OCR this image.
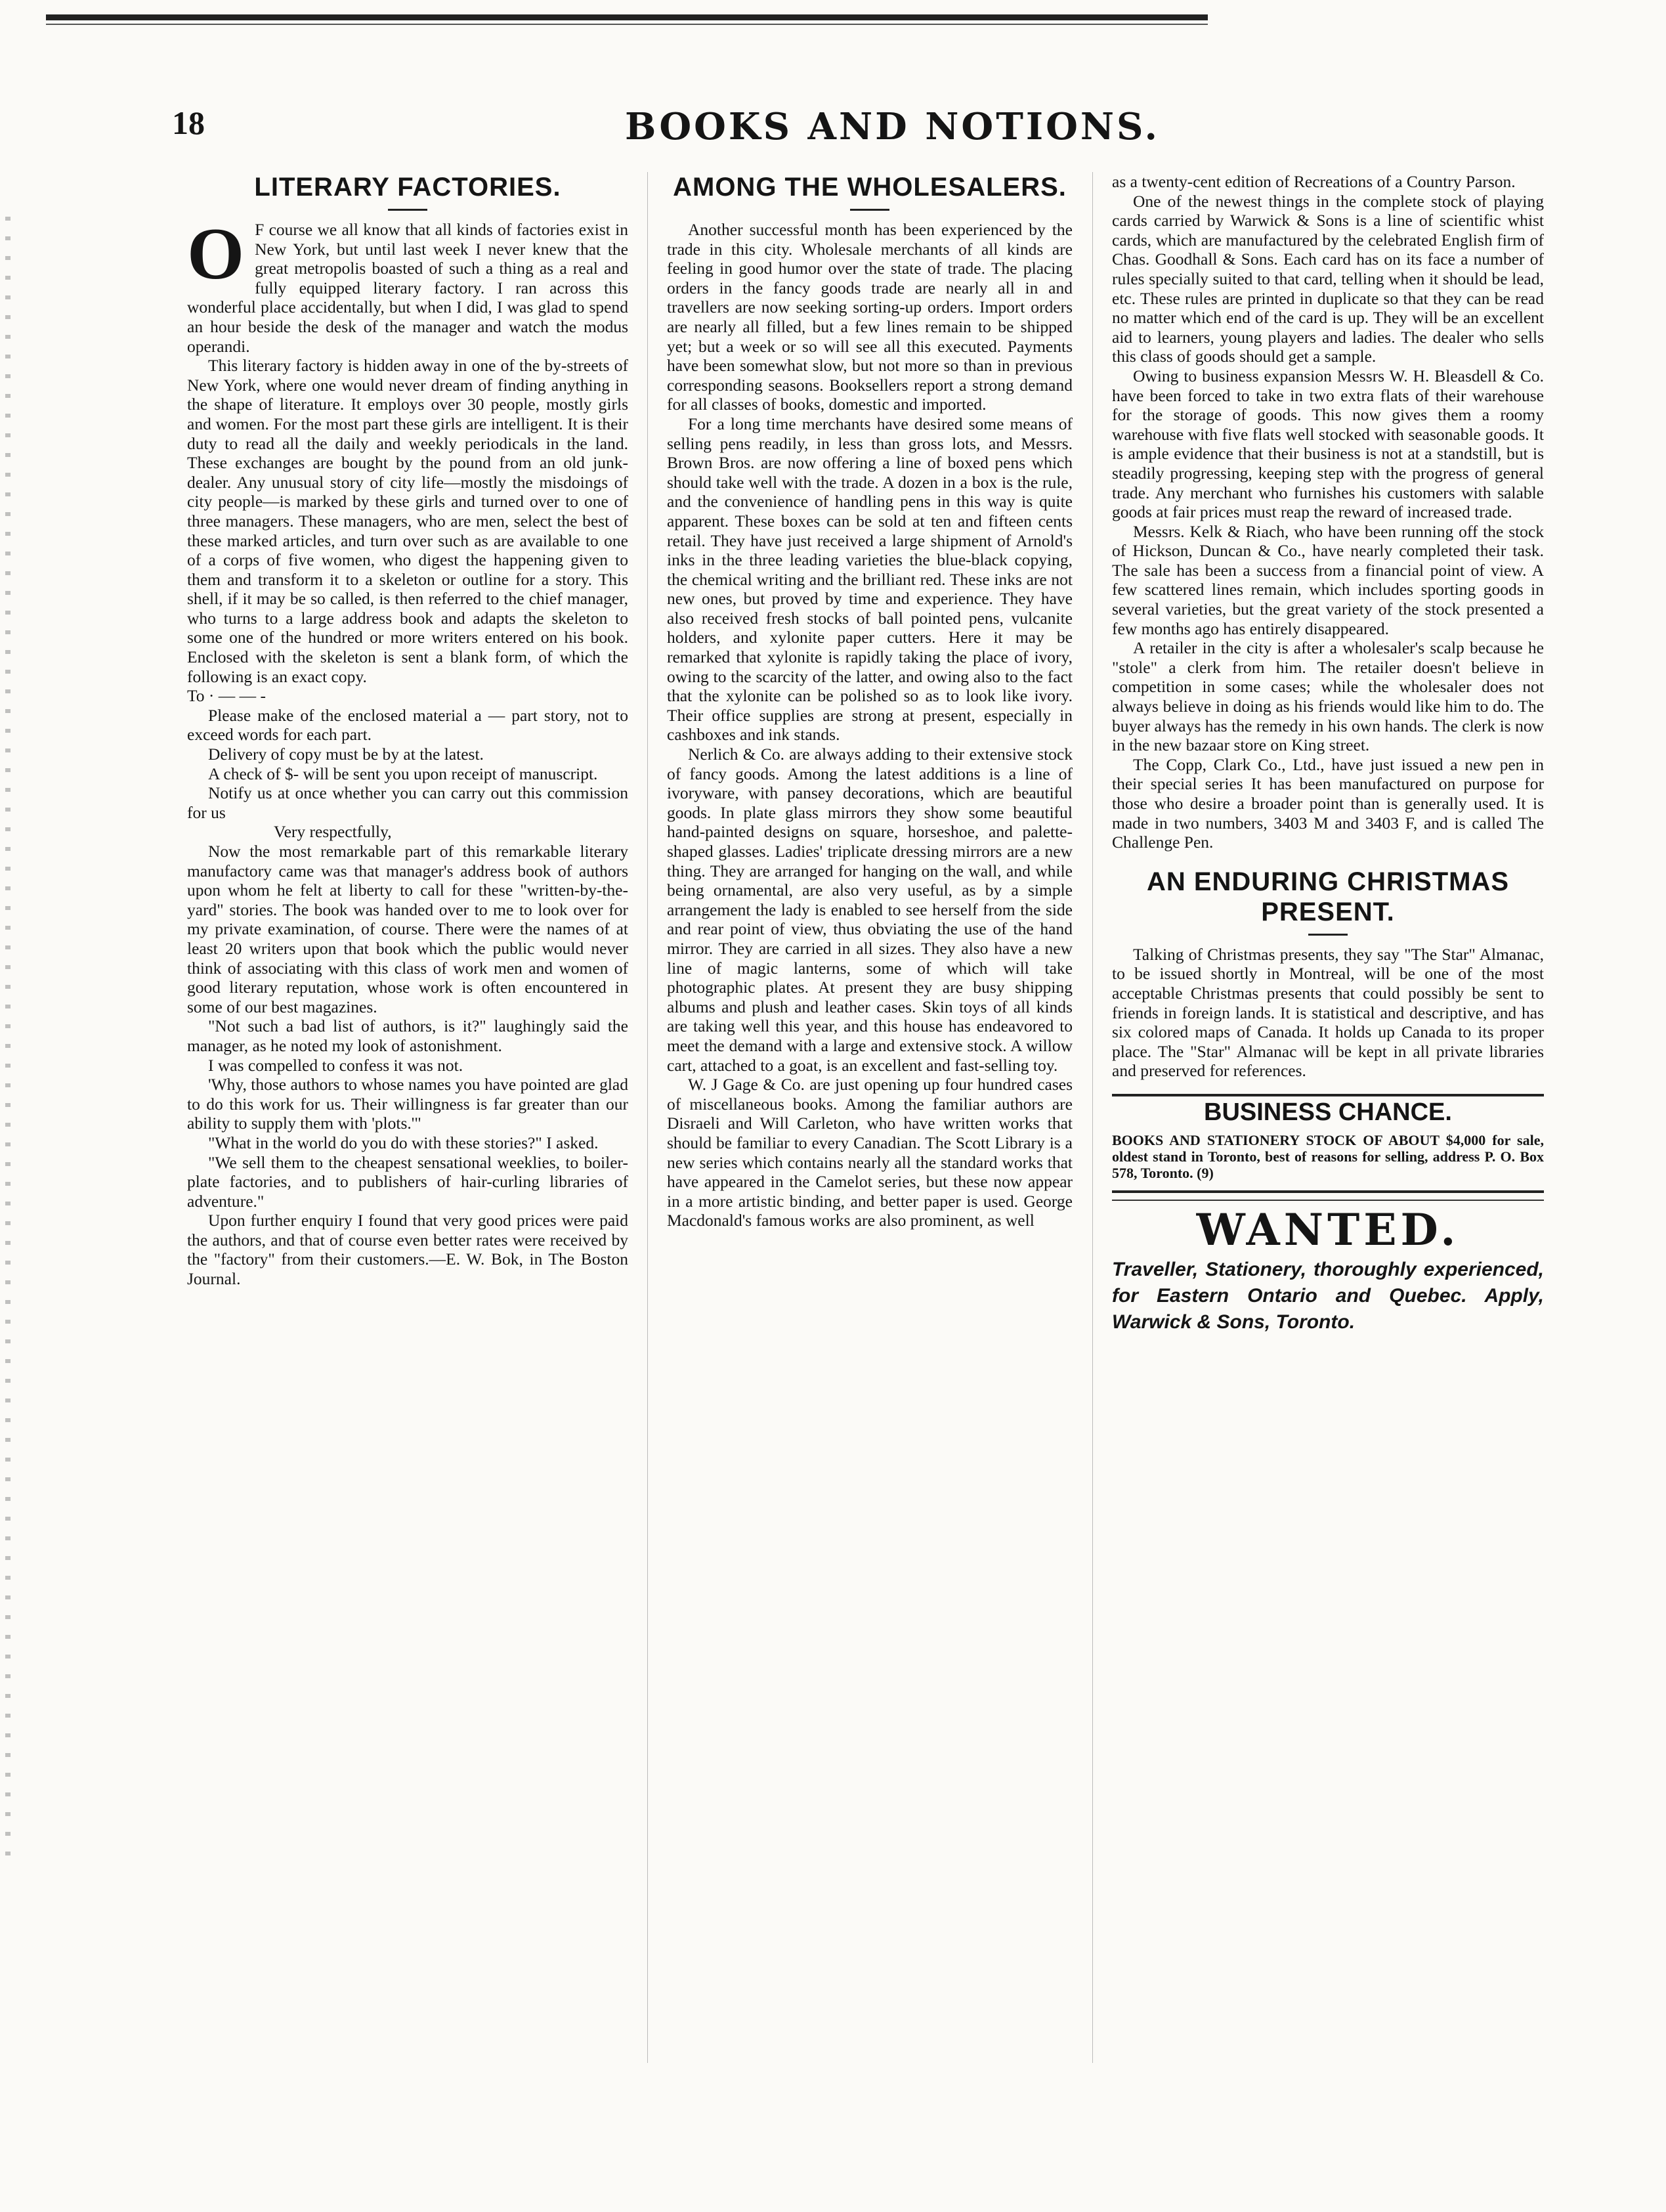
18	BOOKS AND NOTIONS.
LITERARY FACTORIES.

O F course we all know that all kinds of factories exist in New York, but until last week I never knew that the great metropolis boasted of such a thing as a real and fully equipped literary factory. I ran across this wonderful place accidentally, but when I did, I was glad to spend an hour beside the desk of the manager and watch the modus operandi.

This literary factory is hidden away in one of the by-streets of New York, where one would never dream of finding anything in the shape of literature. It employs over 30 people, mostly girls and women. For the most part these girls are intelligent. It is their duty to read all the daily and weekly periodicals in the land. These exchanges are bought by the pound from an old junk-dealer. Any unusual story of city life—mostly the misdoings of city people—is marked by these girls and turned over to one of three managers. These managers, who are men, select the best of these marked articles, and turn over such as are available to one of a corps of five women, who digest the happening given to them and transform it to a skeleton or outline for a story. This shell, if it may be so called, is then referred to the chief manager, who turns to a large address book and adapts the skeleton to some one of the hundred or more writers entered on his book. Enclosed with the skeleton is sent a blank form, of which the following is an exact copy.

To · — — -

Please make of the enclosed material a — part story, not to exceed words for each part.

Delivery of copy must be by at the latest.

A check of $- will be sent you upon receipt of manuscript.

Notify us at once whether you can carry out this commission for us

Very respectfully,

Now the most remarkable part of this remarkable literary manufactory came was that manager's address book of authors upon whom he felt at liberty to call for these "written-by-the-yard" stories. The book was handed over to me to look over for my private examination, of course. There were the names of at least 20 writers upon that book which the public would never think of associating with this class of work men and women of good literary reputation, whose work is often encountered in some of our best magazines.

"Not such a bad list of authors, is it?" laughingly said the manager, as he noted my look of astonishment.

I was compelled to confess it was not.

'Why, those authors to whose names you have pointed are glad to do this work for us. Their willingness is far greater than our ability to supply them with 'plots.'"

"What in the world do you do with these stories?" I asked.

"We sell them to the cheapest sensational weeklies, to boiler-plate factories, and to publishers of hair-curling libraries of adventure."

Upon further enquiry I found that very good prices were paid the authors, and that of course even better rates were received by the "factory" from their customers.—E. W. Bok, in The Boston Journal.

AMONG THE WHOLESALERS.

Another successful month has been experienced by the trade in this city. Wholesale merchants of all kinds are feeling in good humor over the state of trade. The placing orders in the fancy goods trade are nearly all in and travellers are now seeking sorting-up orders. Import orders are nearly all filled, but a few lines remain to be shipped yet; but a week or so will see all this executed. Payments have been somewhat slow, but not more so than in previous corresponding seasons. Booksellers report a strong demand for all classes of books, domestic and imported.

For a long time merchants have desired some means of selling pens readily, in less than gross lots, and Messrs. Brown Bros. are now offering a line of boxed pens which should take well with the trade. A dozen in a box is the rule, and the convenience of handling pens in this way is quite apparent. These boxes can be sold at ten and fifteen cents retail. They have just received a large shipment of Arnold's inks in the three leading varieties the blue-black copying, the chemical writing and the brilliant red. These inks are not new ones, but proved by time and experience. They have also received fresh stocks of ball pointed pens, vulcanite holders, and xylonite paper cutters. Here it may be remarked that xylonite is rapidly taking the place of ivory, owing to the scarcity of the latter, and owing also to the fact that the xylonite can be polished so as to look like ivory. Their office supplies are strong at present, especially in cashboxes and ink stands.

Nerlich & Co. are always adding to their extensive stock of fancy goods. Among the latest additions is a line of ivoryware, with pansey decorations, which are beautiful goods. In plate glass mirrors they show some beautiful hand-painted designs on square, horseshoe, and palette-shaped glasses. Ladies' triplicate dressing mirrors are a new thing. They are arranged for hanging on the wall, and while being ornamental, are also very useful, as by a simple arrangement the lady is enabled to see herself from the side and rear point of view, thus obviating the use of the hand mirror. They are carried in all sizes. They also have a new line of magic lanterns, some of which will take photographic plates. At present they are busy shipping albums and plush and leather cases. Skin toys of all kinds are taking well this year, and this house has endeavored to meet the demand with a large and extensive stock. A willow cart, attached to a goat, is an excellent and fast-selling toy.

W. J Gage & Co. are just opening up four hundred cases of miscellaneous books. Among the familiar authors are Disraeli and Will Carleton, who have written works that should be familiar to every Canadian. The Scott Library is a new series which contains nearly all the standard works that have appeared in the Camelot series, but these now appear in a more artistic binding, and better paper is used. George Macdonald's famous works are also prominent, as well

as a twenty-cent edition of Recreations of a Country Parson.

One of the newest things in the complete stock of playing cards carried by Warwick & Sons is a line of scientific whist cards, which are manufactured by the celebrated English firm of Chas. Goodhall & Sons. Each card has on its face a number of rules specially suited to that card, telling when it should be lead, etc. These rules are printed in duplicate so that they can be read no matter which end of the card is up. They will be an excellent aid to learners, young players and ladies. The dealer who sells this class of goods should get a sample.

Owing to business expansion Messrs W. H. Bleasdell & Co. have been forced to take in two extra flats of their warehouse for the storage of goods. This now gives them a roomy warehouse with five flats well stocked with seasonable goods. It is ample evidence that their business is not at a standstill, but is steadily progressing, keeping step with the progress of general trade. Any merchant who furnishes his customers with salable goods at fair prices must reap the reward of increased trade.

Messrs. Kelk & Riach, who have been running off the stock of Hickson, Duncan & Co., have nearly completed their task. The sale has been a success from a financial point of view. A few scattered lines remain, which includes sporting goods in several varieties, but the great variety of the stock presented a few months ago has entirely disappeared.

A retailer in the city is after a wholesaler's scalp because he "stole" a clerk from him. The retailer doesn't believe in competition in some cases; while the wholesaler does not always believe in doing as his friends would like him to do. The buyer always has the remedy in his own hands. The clerk is now in the new bazaar store on King street.

The Copp, Clark Co., Ltd., have just issued a new pen in their special series It has been manufactured on purpose for those who desire a broader point than is generally used. It is made in two numbers, 3403 M and 3403 F, and is called The Challenge Pen.

AN ENDURING CHRISTMAS PRESENT.

Talking of Christmas presents, they say "The Star" Almanac, to be issued shortly in Montreal, will be one of the most acceptable Christmas presents that could possibly be sent to friends in foreign lands. It is statistical and descriptive, and has six colored maps of Canada. It holds up Canada to its proper place. The "Star" Almanac will be kept in all private libraries and preserved for references.

BUSINESS CHANCE.

BOOKS AND STATIONERY STOCK OF ABOUT $4,000 for sale, oldest stand in Toronto, best of reasons for selling, address P. O. Box 578, Toronto. (9)

WANTED.

Traveller, Stationery, thoroughly experienced, for Eastern Ontario and Quebec. Apply, Warwick & Sons, Toronto.
